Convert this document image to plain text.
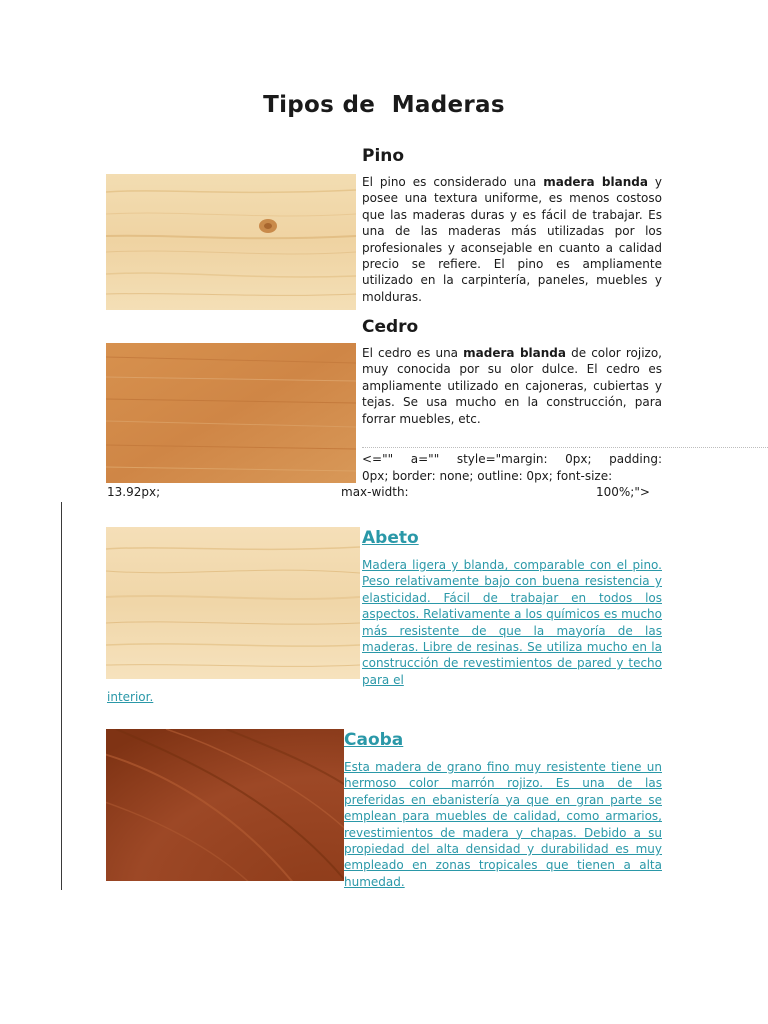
Tipos de  Maderas
Pino
El pino es considerado una madera blanda y posee una textura uniforme, es menos costoso que las maderas duras y es fácil de trabajar. Es una de las maderas más utilizadas por los profesionales y aconsejable en cuanto a calidad precio se refiere. El pino es ampliamente utilizado en la carpintería, paneles, muebles y molduras.
Cedro
El cedro es una madera blanda de color rojizo, muy conocida por su olor dulce. El cedro es ampliamente utilizado en cajoneras, cubiertas y tejas. Se usa mucho en la construcción, para forrar muebles, etc.
<="" a="" style="margin: 0px; padding:
0px; border: none; outline: 0px; font-size:
13.92px;	max-width:	100%;">
Abeto
Madera ligera y blanda, comparable con el pino. Peso relativamente bajo con buena resistencia y elasticidad. Fácil de trabajar en todos los aspectos. Relativamente a los químicos es mucho más resistente de que la mayoría de las maderas. Libre de resinas. Se utiliza mucho en la construcción de revestimientos de pared y techo para el
interior.
Caoba
Esta madera de grano fino muy resistente tiene un hermoso color marrón rojizo. Es una de las preferidas en ebanistería ya que en gran parte se emplean para muebles de calidad, como armarios, revestimientos de madera y chapas. Debido a su propiedad del alta densidad y durabilidad es muy empleado en zonas tropicales que tienen a alta humedad.
